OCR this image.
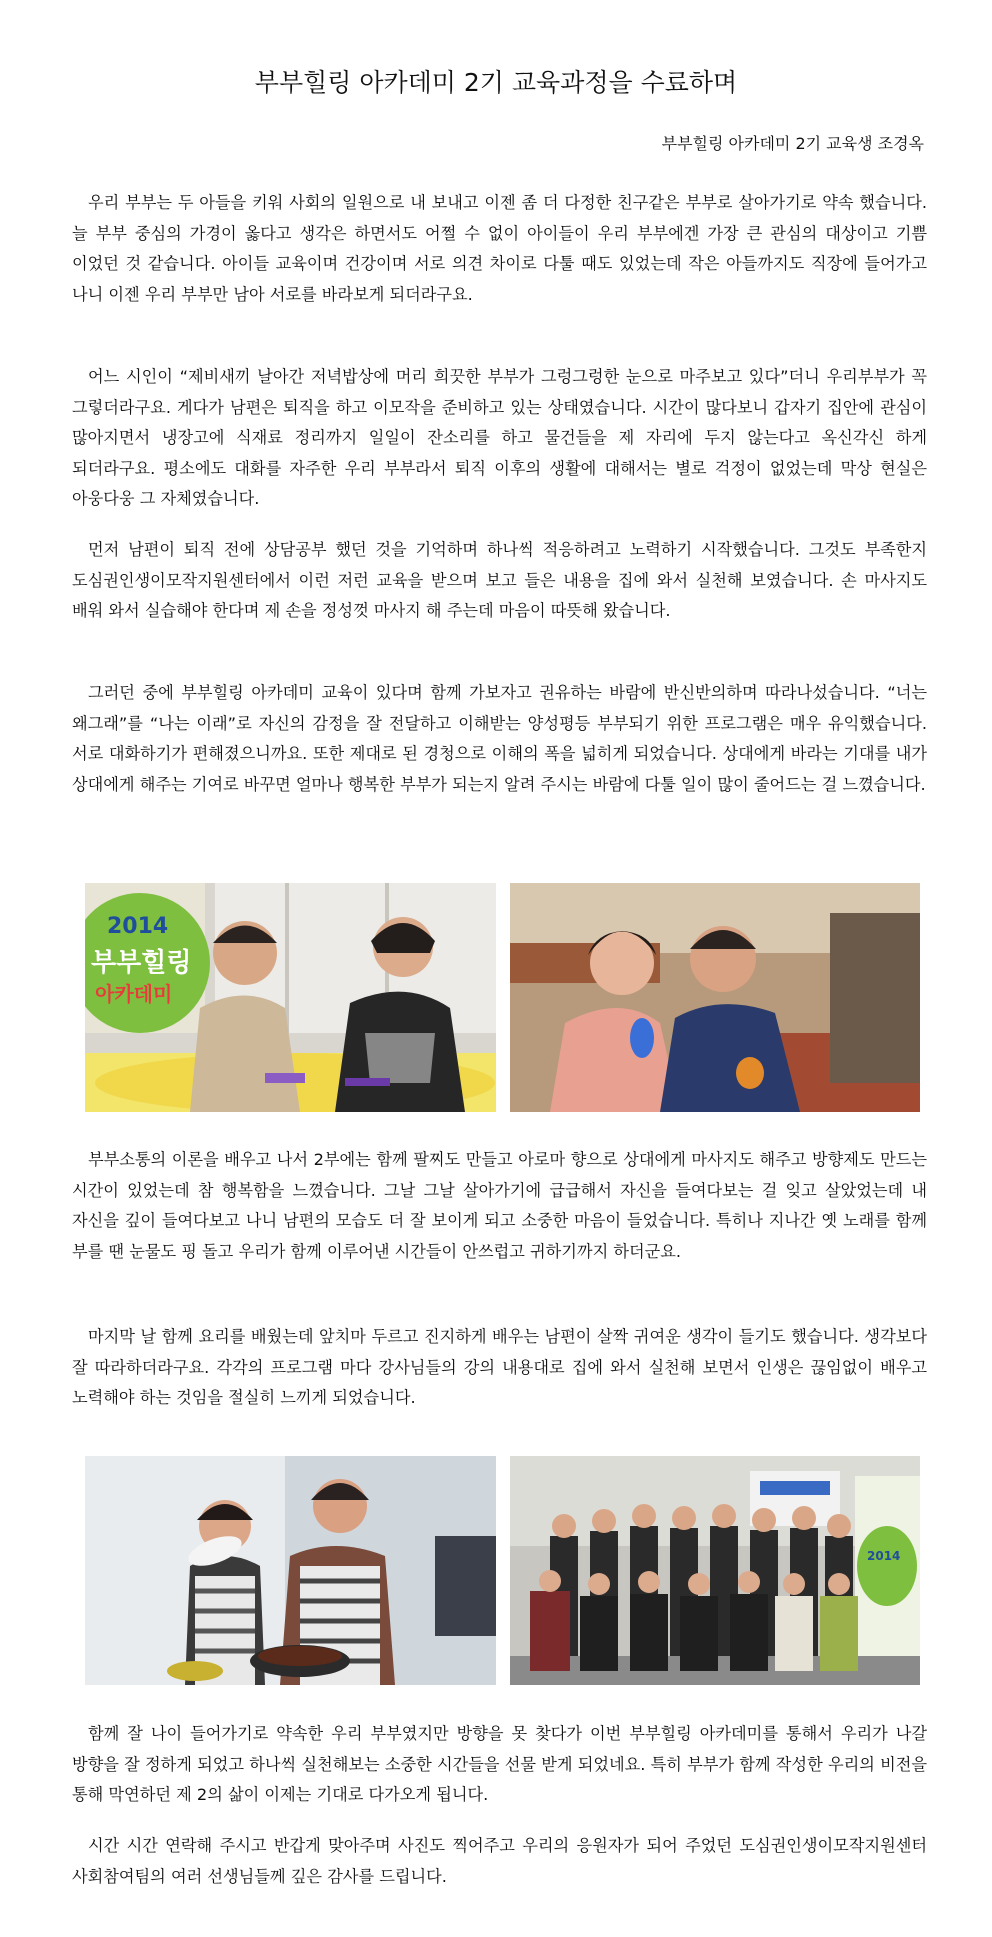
부부힐링 아카데미 2기 교육과정을 수료하며
부부힐링 아카데미 2기 교육생 조경옥

우리 부부는 두 아들을 키워 사회의 일원으로 내 보내고 이젠 좀 더 다정한 친구같은 부부로 살아가기로 약속 했습니다. 늘 부부 중심의 가경이 옳다고 생각은 하면서도 어쩔 수 없이 아이들이 우리 부부에겐 가장 큰 관심의 대상이고 기쁨 이었던 것 같습니다. 아이들 교육이며 건강이며 서로 의견 차이로 다툴 때도 있었는데 작은 아들까지도 직장에 들어가고 나니 이젠 우리 부부만 남아 서로를 바라보게 되더라구요.

어느 시인이 “제비새끼 날아간 저녁밥상에 머리 희끗한 부부가 그렁그렁한 눈으로 마주보고 있다”더니 우리부부가 꼭 그렇더라구요. 게다가 남편은 퇴직을 하고 이모작을 준비하고 있는 상태였습니다. 시간이 많다보니 갑자기 집안에 관심이 많아지면서 냉장고에 식재료 정리까지 일일이 잔소리를 하고 물건들을 제 자리에 두지 않는다고 옥신각신 하게 되더라구요. 평소에도 대화를 자주한 우리 부부라서 퇴직 이후의 생활에 대해서는 별로 걱정이 없었는데 막상 현실은 아웅다웅 그 자체였습니다.

먼저 남편이 퇴직 전에 상담공부 했던 것을 기억하며 하나씩 적응하려고 노력하기 시작했습니다. 그것도 부족한지 도심권인생이모작지원센터에서 이런 저런 교육을 받으며 보고 들은 내용을 집에 와서 실천해 보였습니다. 손 마사지도 배워 와서 실습해야 한다며 제 손을 정성껏 마사지 해 주는데 마음이 따뜻해 왔습니다.

그러던 중에 부부힐링 아카데미 교육이 있다며 함께 가보자고 권유하는 바람에 반신반의하며 따라나섰습니다. “너는 왜그래”를 “나는 이래”로 자신의 감정을 잘 전달하고 이해받는 양성평등 부부되기 위한 프로그램은 매우 유익했습니다. 서로 대화하기가 편해졌으니까요. 또한 제대로 된 경청으로 이해의 폭을 넓히게 되었습니다. 상대에게 바라는 기대를 내가 상대에게 해주는 기여로 바꾸면 얼마나 행복한 부부가 되는지 알려 주시는 바람에 다툴 일이 많이 줄어드는 걸 느꼈습니다.

2014
부부힐링
아카데미

부부소통의 이론을 배우고 나서 2부에는 함께 팔찌도 만들고 아로마 향으로 상대에게 마사지도 해주고 방향제도 만드는 시간이 있었는데 참 행복함을 느꼈습니다. 그날 그날 살아가기에 급급해서 자신을 들여다보는 걸 잊고 살았었는데 내 자신을 깊이 들여다보고 나니 남편의 모습도 더 잘 보이게 되고 소중한 마음이 들었습니다. 특히나 지나간 옛 노래를 함께 부를 땐 눈물도 핑 돌고 우리가 함께 이루어낸 시간들이 안쓰럽고 귀하기까지 하더군요.

마지막 날 함께 요리를 배웠는데 앞치마 두르고 진지하게 배우는 남편이 살짝 귀여운 생각이 들기도 했습니다. 생각보다 잘 따라하더라구요. 각각의 프로그램 마다 강사님들의 강의 내용대로 집에 와서 실천해 보면서 인생은 끊임없이 배우고 노력해야 하는 것임을 절실히 느끼게 되었습니다.

2014

함께 잘 나이 들어가기로 약속한 우리 부부였지만 방향을 못 찾다가 이번 부부힐링 아카데미를 통해서 우리가 나갈 방향을 잘 정하게 되었고 하나씩 실천해보는 소중한 시간들을 선물 받게 되었네요. 특히 부부가 함께 작성한 우리의 비전을 통해 막연하던 제 2의 삶이 이제는 기대로 다가오게 됩니다.

시간 시간 연락해 주시고 반갑게 맞아주며 사진도 찍어주고 우리의 응원자가 되어 주었던 도심권인생이모작지원센터 사회참여팀의 여러 선생님들께 깊은 감사를 드립니다.
